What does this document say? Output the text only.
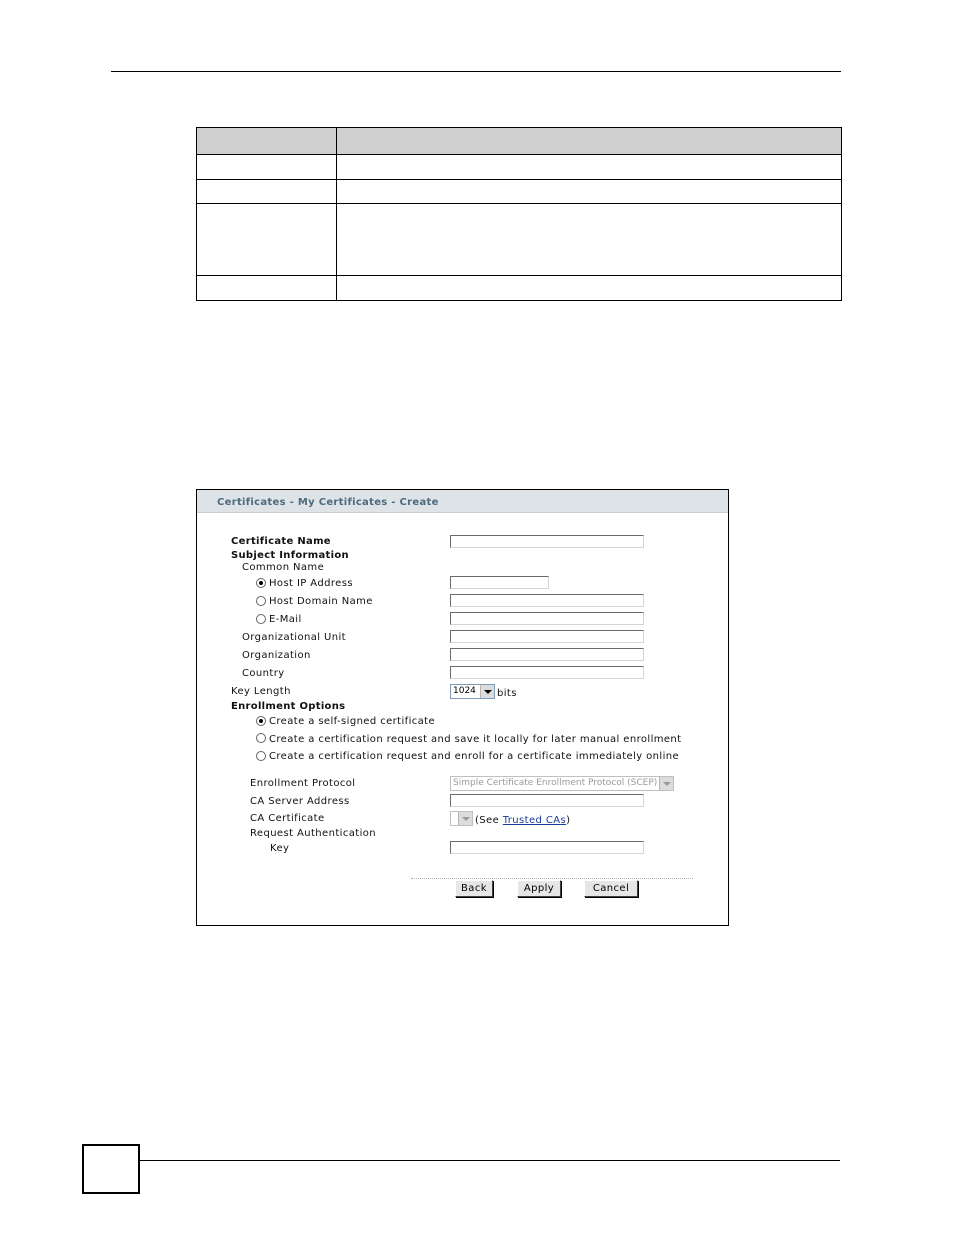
Certificates - My Certificates - Create
Certificate Name
Subject Information
Common Name
Host IP Address
Host Domain Name
E-Mail
Organizational Unit
Organization
Country
Key Length	1024	bits
Enrollment Options
Create a self-signed certificate
Create a certification request and save it locally for later manual enrollment
Create a certification request and enroll for a certificate immediately online
Enrollment Protocol	Simple Certificate Enrollment Protocol (SCEP)
CA Server Address
CA Certificate	(See Trusted CAs)
Request Authentication
Key
Back	Apply	Cancel
